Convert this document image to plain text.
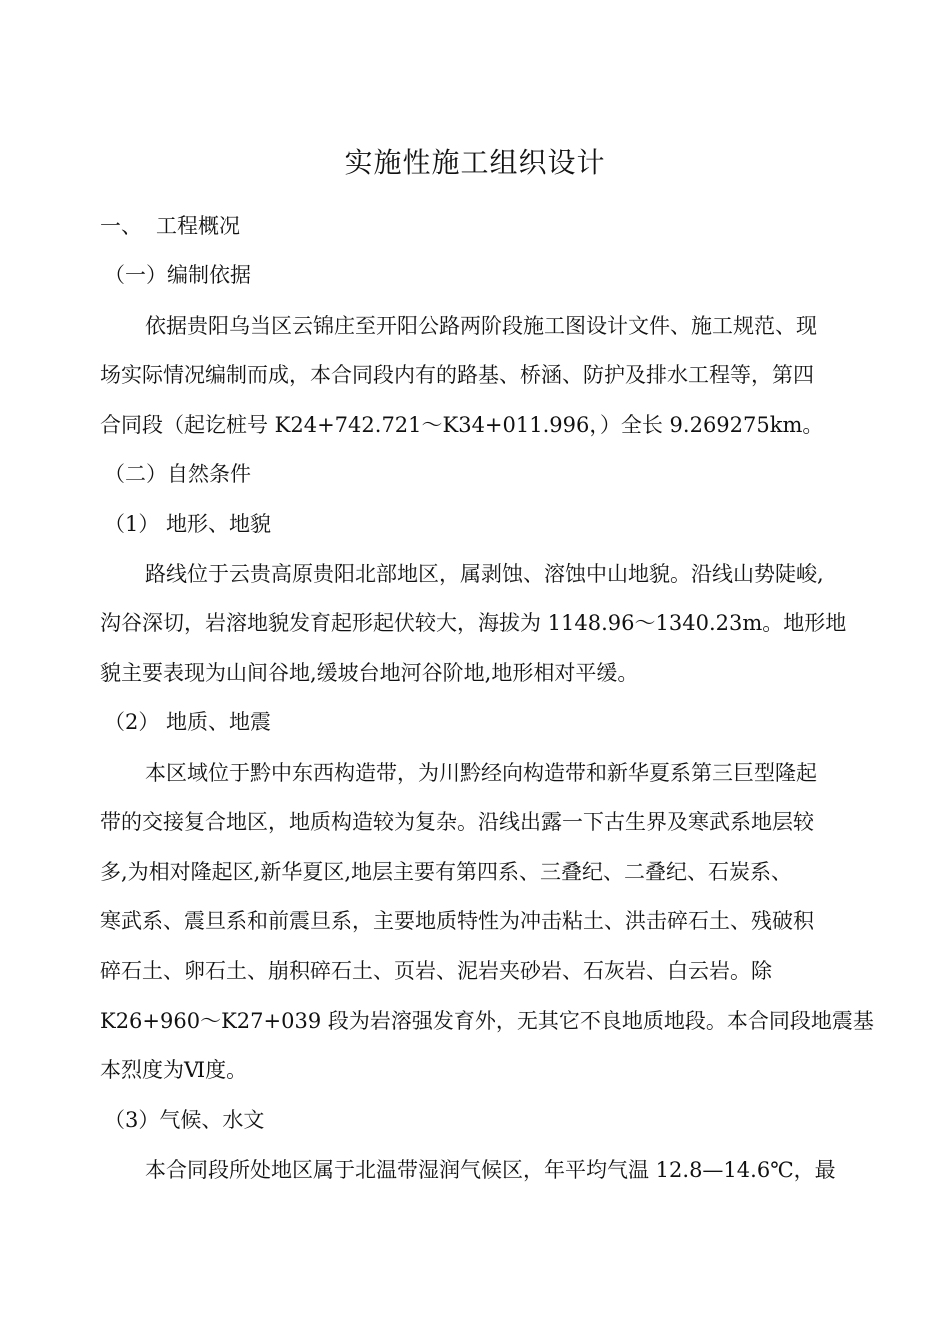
实施性施工组织设计
一、 工程概况
（一）编制依据
依据贵阳乌当区云锦庄至开阳公路两阶段施工图设计文件、施工规范、现
场实际情况编制而成，本合同段内有的路基、桥涵、防护及排水工程等，第四
合同段（起讫桩号 K24+742.721～K34+011.996，）全长 9.269275km。
（二）自然条件
（1） 地形、地貌
路线位于云贵高原贵阳北部地区，属剥蚀、溶蚀中山地貌。沿线山势陡峻,
沟谷深切，岩溶地貌发育起形起伏较大，海拔为 1148.96～1340.23m。地形地
貌主要表现为山间谷地,缓坡台地河谷阶地,地形相对平缓。
（2） 地质、地震
本区域位于黔中东西构造带，为川黔经向构造带和新华夏系第三巨型隆起
带的交接复合地区，地质构造较为复杂。沿线出露一下古生界及寒武系地层较
多,为相对隆起区,新华夏区,地层主要有第四系、三叠纪、二叠纪、石炭系、
寒武系、震旦系和前震旦系，主要地质特性为冲击粘土、洪击碎石土、残破积
碎石土、卵石土、崩积碎石土、页岩、泥岩夹砂岩、石灰岩、白云岩。除
K26+960～K27+039 段为岩溶强发育外，无其它不良地质地段。本合同段地震基
本烈度为Ⅵ度。
（3）气候、水文
本合同段所处地区属于北温带湿润气候区，年平均气温 12.8—14.6℃，最
